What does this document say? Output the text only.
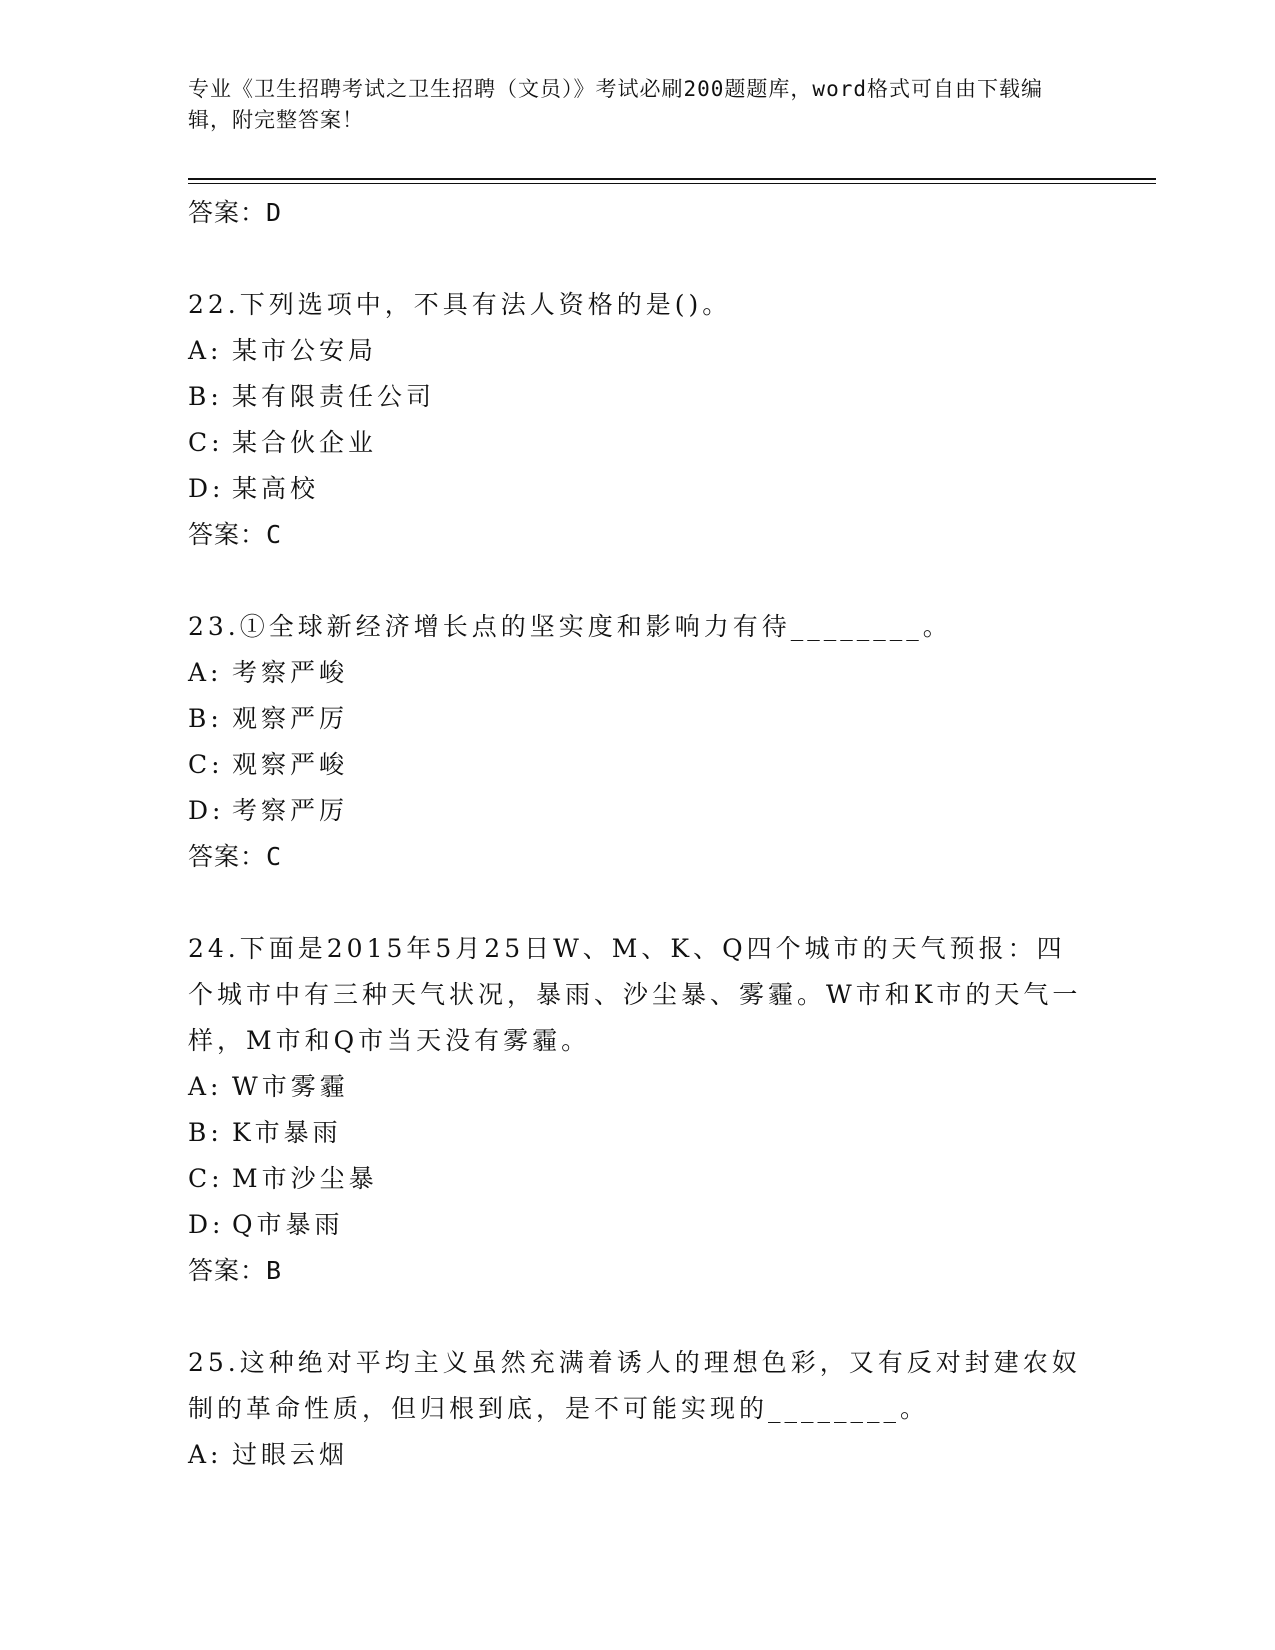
专业《卫生招聘考试之卫生招聘（文员）》考试必刷200题题库，word格式可自由下载编辑，附完整答案！
答案：D
22.下列选项中，不具有法人资格的是()。
A: 某市公安局
B: 某有限责任公司
C: 某合伙企业
D: 某高校
答案：C
23.①全球新经济增长点的坚实度和影响力有待________。
A: 考察严峻
B: 观察严厉
C: 观察严峻
D: 考察严厉
答案：C
24.下面是2015年5月25日W、M、K、Q四个城市的天气预报：四个城市中有三种天气状况，暴雨、沙尘暴、雾霾。W市和K市的天气一样，M市和Q市当天没有雾霾。
A: W市雾霾
B: K市暴雨
C: M市沙尘暴
D: Q市暴雨
答案：B
25.这种绝对平均主义虽然充满着诱人的理想色彩，又有反对封建农奴制的革命性质，但归根到底，是不可能实现的________。
A: 过眼云烟
